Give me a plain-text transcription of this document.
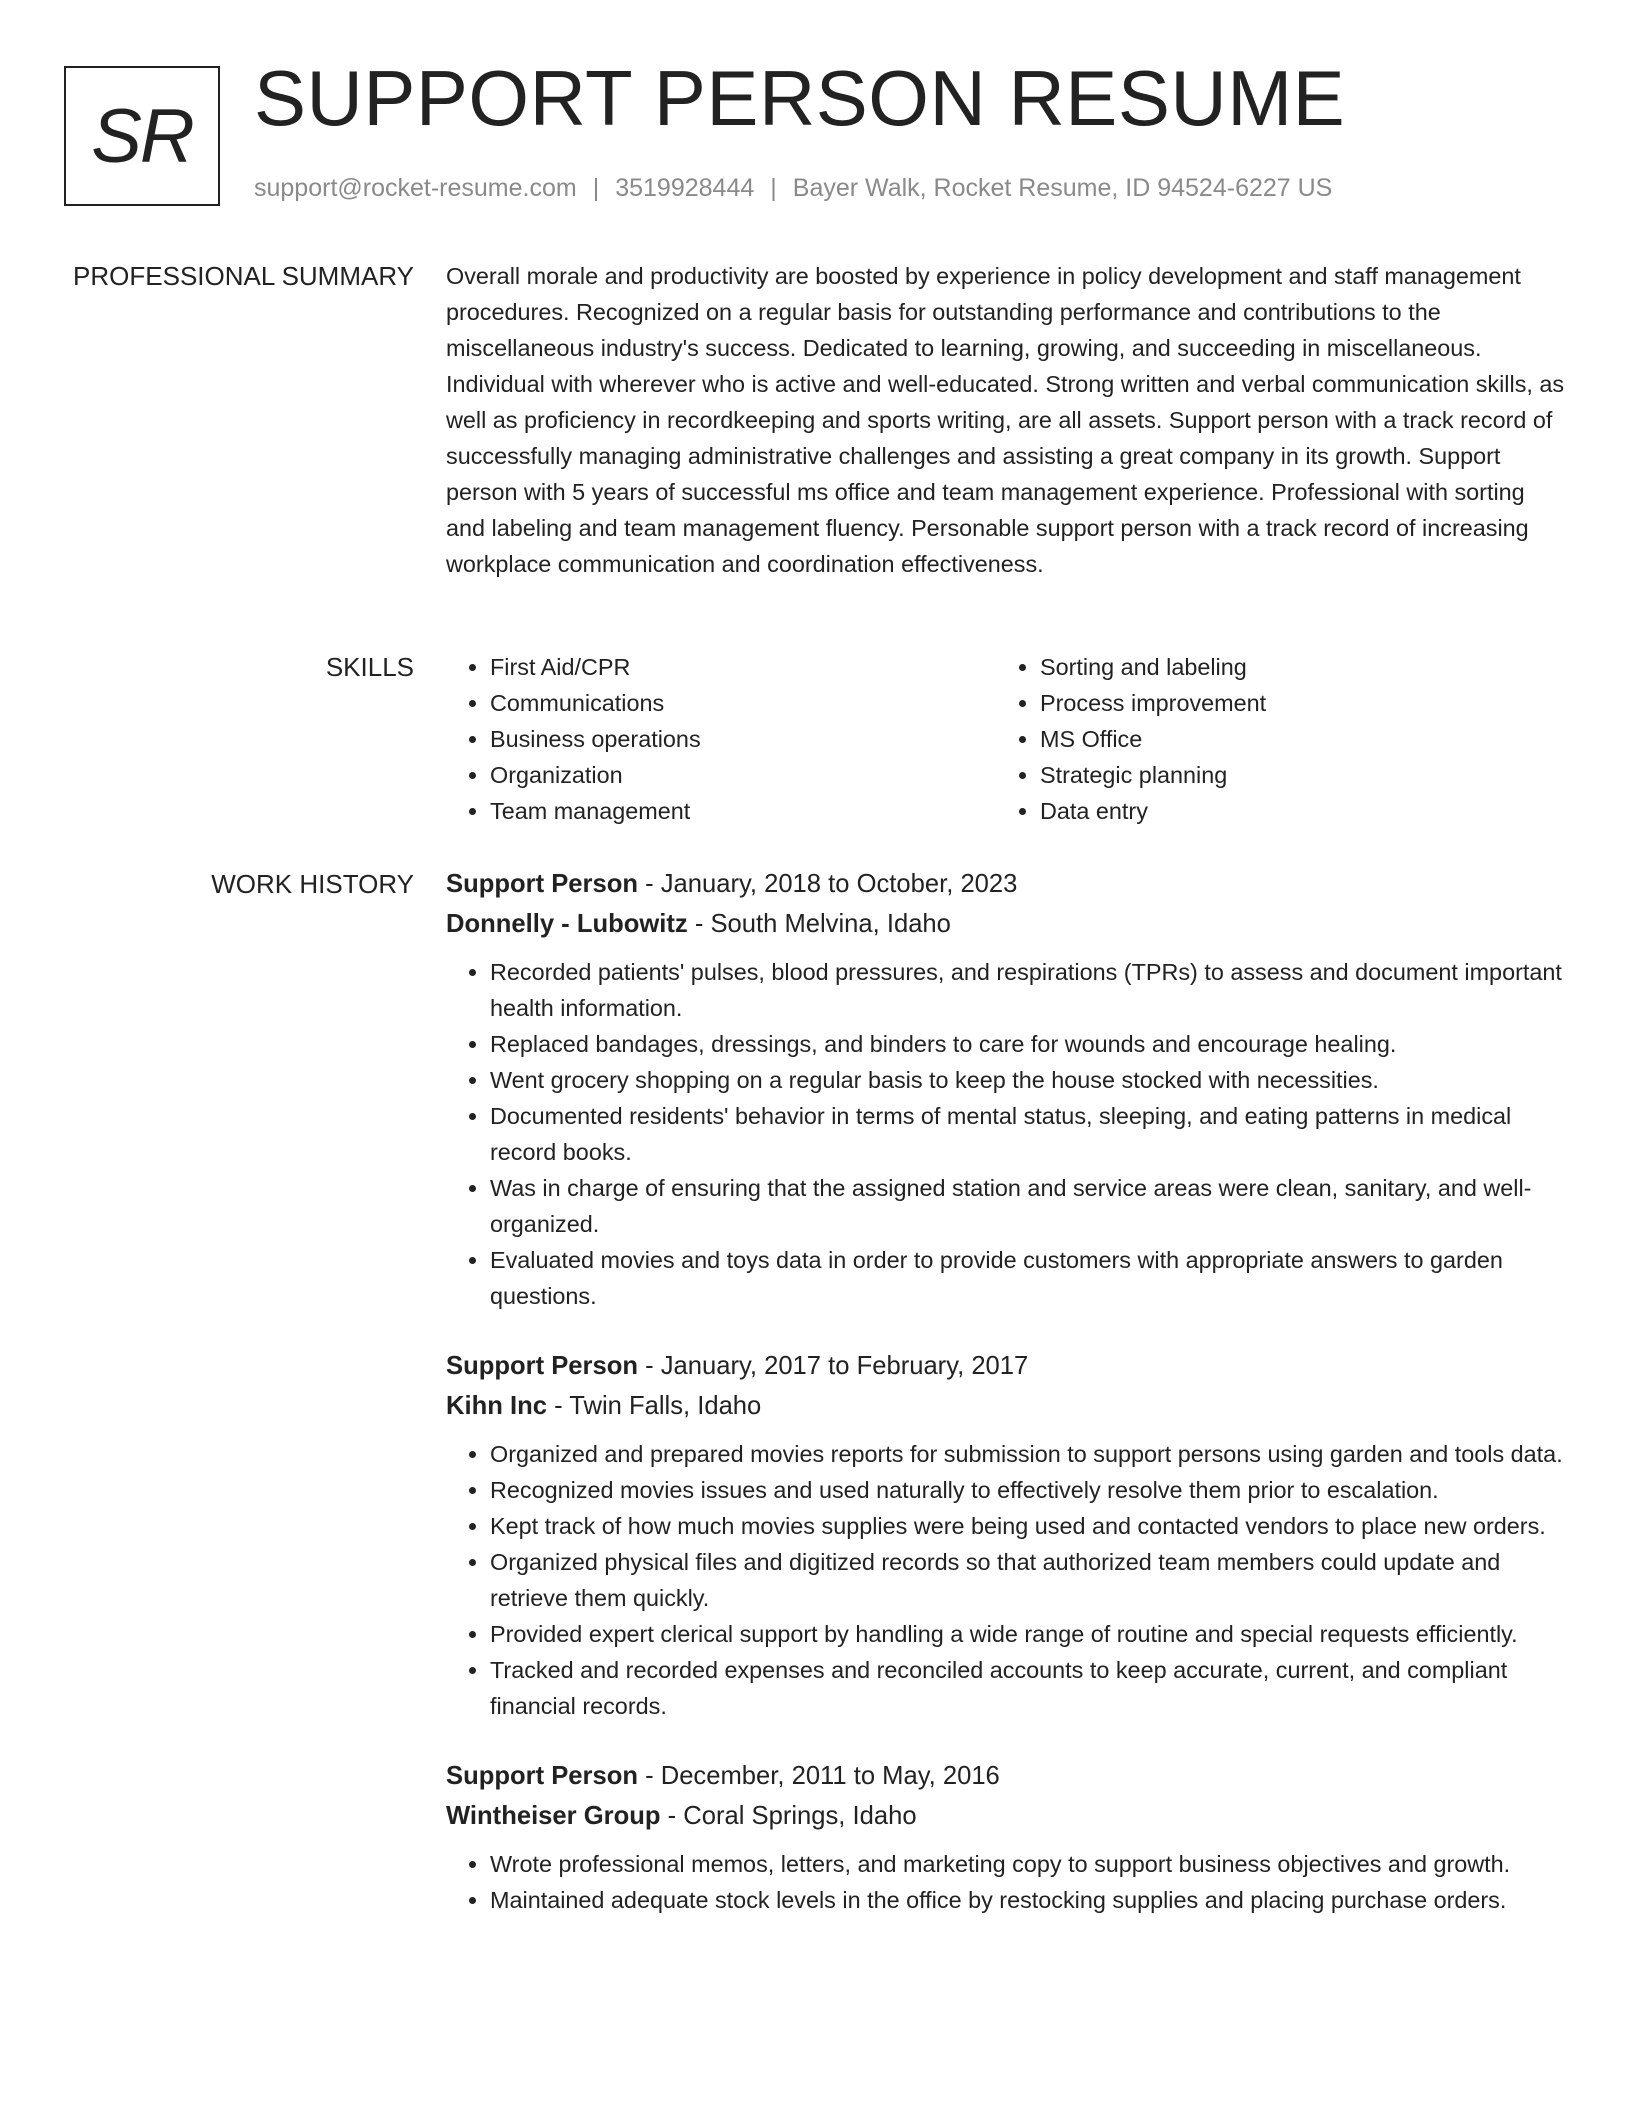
SR SUPPORT PERSON RESUME
support@rocket-resume.com | 3519928444 | Bayer Walk, Rocket Resume, ID 94524-6227 US
PROFESSIONAL SUMMARY Overall morale and productivity are boosted by experience in policy development and staff management procedures. Recognized on a regular basis for outstanding performance and contributions to the miscellaneous industry's success. Dedicated to learning, growing, and succeeding in miscellaneous. Individual with wherever who is active and well-educated. Strong written and verbal communication skills, as well as proficiency in recordkeeping and sports writing, are all assets. Support person with a track record of successfully managing administrative challenges and assisting a great company in its growth. Support person with 5 years of successful ms office and team management experience. Professional with sorting and labeling and team management fluency. Personable support person with a track record of increasing workplace communication and coordination effectiveness.

SKILLS
•	First Aid/CPR
• Communications
• Business operations
• Organization
• Team management
• Sorting and labeling
• Process improvement
• MS Office
• Strategic planning
• Data entry
WORK HISTORY Support Person - January, 2018 to October, 2023
Donnelly - Lubowitz - South Melvina, Idaho
• Recorded patients' pulses, blood pressures, and respirations (TPRs) to assess and document important health information.
• Replaced bandages, dressings, and binders to care for wounds and encourage healing.
• Went grocery shopping on a regular basis to keep the house stocked with necessities.
• Documented residents' behavior in terms of mental status, sleeping, and eating patterns in medical record books.
• Was in charge of ensuring that the assigned station and service areas were clean, sanitary, and well-organized.
• Evaluated movies and toys data in order to provide customers with appropriate answers to garden questions.
Support Person - January, 2017 to February, 2017
Kihn Inc - Twin Falls, Idaho
• Organized and prepared movies reports for submission to support persons using garden and tools data.
• Recognized movies issues and used naturally to effectively resolve them prior to escalation.
• Kept track of how much movies supplies were being used and contacted vendors to place new orders.
• Organized physical files and digitized records so that authorized team members could update and retrieve them quickly.
• Provided expert clerical support by handling a wide range of routine and special requests efficiently.
• Tracked and recorded expenses and reconciled accounts to keep accurate, current, and compliant financial records.
Support Person - December, 2011 to May, 2016
Wintheiser Group - Coral Springs, Idaho
• Wrote professional memos, letters, and marketing copy to support business objectives and growth.
• Maintained adequate stock levels in the office by restocking supplies and placing purchase orders.
